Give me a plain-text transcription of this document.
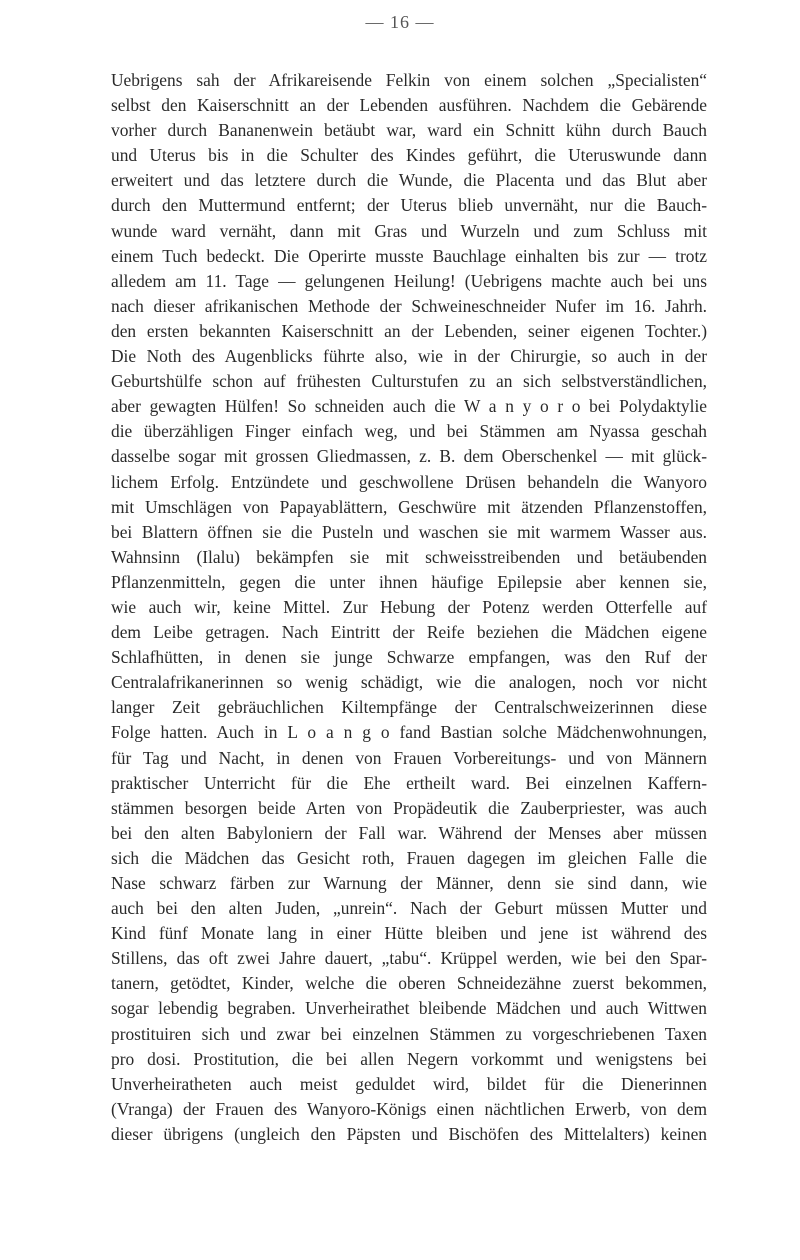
— 16 —
Uebrigens sah der Afrikareisende Felkin von einem solchen „Specialisten“
selbst den Kaiserschnitt an der Lebenden ausführen. Nachdem die Gebärende
vorher durch Bananenwein betäubt war, ward ein Schnitt kühn durch Bauch
und Uterus bis in die Schulter des Kindes geführt, die Uteruswunde dann
erweitert und das letztere durch die Wunde, die Placenta und das Blut aber
durch den Muttermund entfernt; der Uterus blieb unvernäht, nur die Bauch-
wunde ward vernäht, dann mit Gras und Wurzeln und zum Schluss mit
einem Tuch bedeckt. Die Operirte musste Bauchlage einhalten bis zur — trotz
alledem am 11. Tage — gelungenen Heilung! (Uebrigens machte auch bei uns
nach dieser afrikanischen Methode der Schweineschneider Nufer im 16. Jahrh.
den ersten bekannten Kaiserschnitt an der Lebenden, seiner eigenen Tochter.)
Die Noth des Augenblicks führte also, wie in der Chirurgie, so auch in der
Geburtshülfe schon auf frühesten Culturstufen zu an sich selbstverständlichen,
aber gewagten Hülfen! So schneiden auch die W a n y o r o bei Polydaktylie
die überzähligen Finger einfach weg, und bei Stämmen am Nyassa geschah
dasselbe sogar mit grossen Gliedmassen, z. B. dem Oberschenkel — mit glück-
lichem Erfolg. Entzündete und geschwollene Drüsen behandeln die Wanyoro
mit Umschlägen von Papayablättern, Geschwüre mit ätzenden Pflanzenstoffen,
bei Blattern öffnen sie die Pusteln und waschen sie mit warmem Wasser aus.
Wahnsinn (Ilalu) bekämpfen sie mit schweisstreibenden und betäubenden
Pflanzenmitteln, gegen die unter ihnen häufige Epilepsie aber kennen sie,
wie auch wir, keine Mittel. Zur Hebung der Potenz werden Otterfelle auf
dem Leibe getragen. Nach Eintritt der Reife beziehen die Mädchen eigene
Schlafhütten, in denen sie junge Schwarze empfangen, was den Ruf der
Centralafrikanerinnen so wenig schädigt, wie die analogen, noch vor nicht
langer Zeit gebräuchlichen Kiltempfänge der Centralschweizerinnen diese
Folge hatten. Auch in L o a n g o fand Bastian solche Mädchenwohnungen,
für Tag und Nacht, in denen von Frauen Vorbereitungs- und von Männern
praktischer Unterricht für die Ehe ertheilt ward. Bei einzelnen Kaffern-
stämmen besorgen beide Arten von Propädeutik die Zauberpriester, was auch
bei den alten Babyloniern der Fall war. Während der Menses aber müssen
sich die Mädchen das Gesicht roth, Frauen dagegen im gleichen Falle die
Nase schwarz färben zur Warnung der Männer, denn sie sind dann, wie
auch bei den alten Juden, „unrein“. Nach der Geburt müssen Mutter und
Kind fünf Monate lang in einer Hütte bleiben und jene ist während des
Stillens, das oft zwei Jahre dauert, „tabu“. Krüppel werden, wie bei den Spar-
tanern, getödtet, Kinder, welche die oberen Schneidezähne zuerst bekommen,
sogar lebendig begraben. Unverheirathet bleibende Mädchen und auch Wittwen
prostituiren sich und zwar bei einzelnen Stämmen zu vorgeschriebenen Taxen
pro dosi. Prostitution, die bei allen Negern vorkommt und wenigstens bei
Unverheiratheten auch meist geduldet wird, bildet für die Dienerinnen
(Vranga) der Frauen des Wanyoro-Königs einen nächtlichen Erwerb, von dem
dieser übrigens (ungleich den Päpsten und Bischöfen des Mittelalters) keinen
